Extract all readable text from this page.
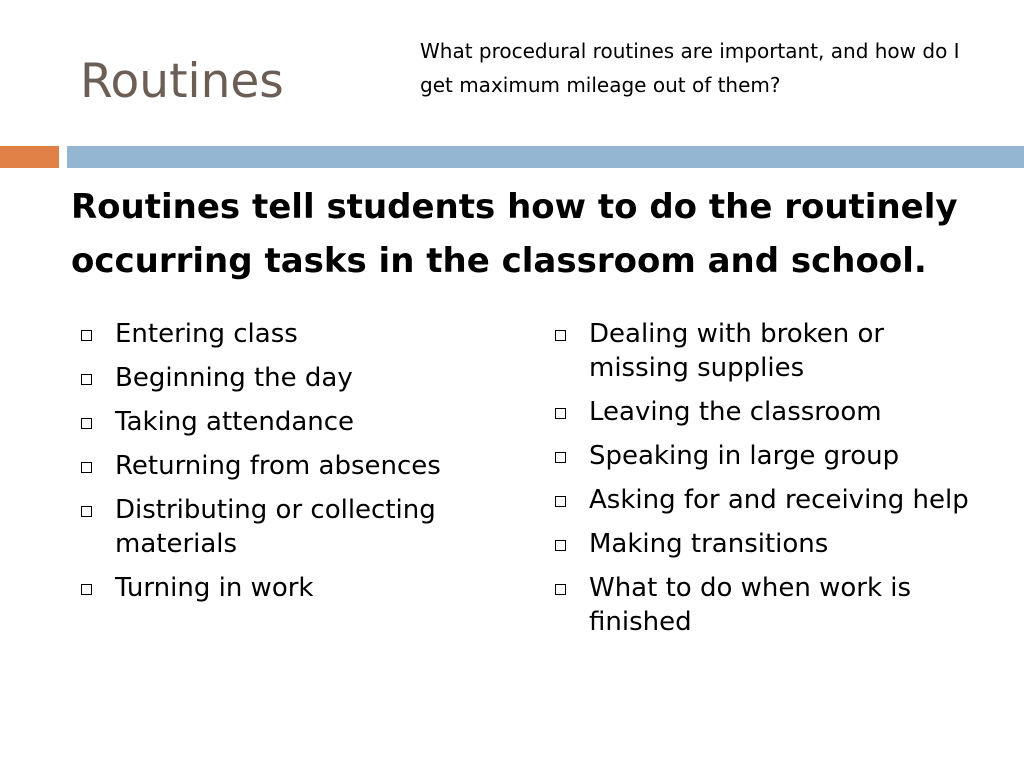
Routines
What procedural routines are important, and how do I get maximum mileage out of them?
Routines tell students how to do the routinely occurring tasks in the classroom and school.
Entering class
Beginning the day
Taking attendance
Returning from absences
Distributing or collecting materials
Turning in work
Dealing with broken or missing supplies
Leaving the classroom
Speaking in large group
Asking for and receiving help
Making transitions
What to do when work is finished
